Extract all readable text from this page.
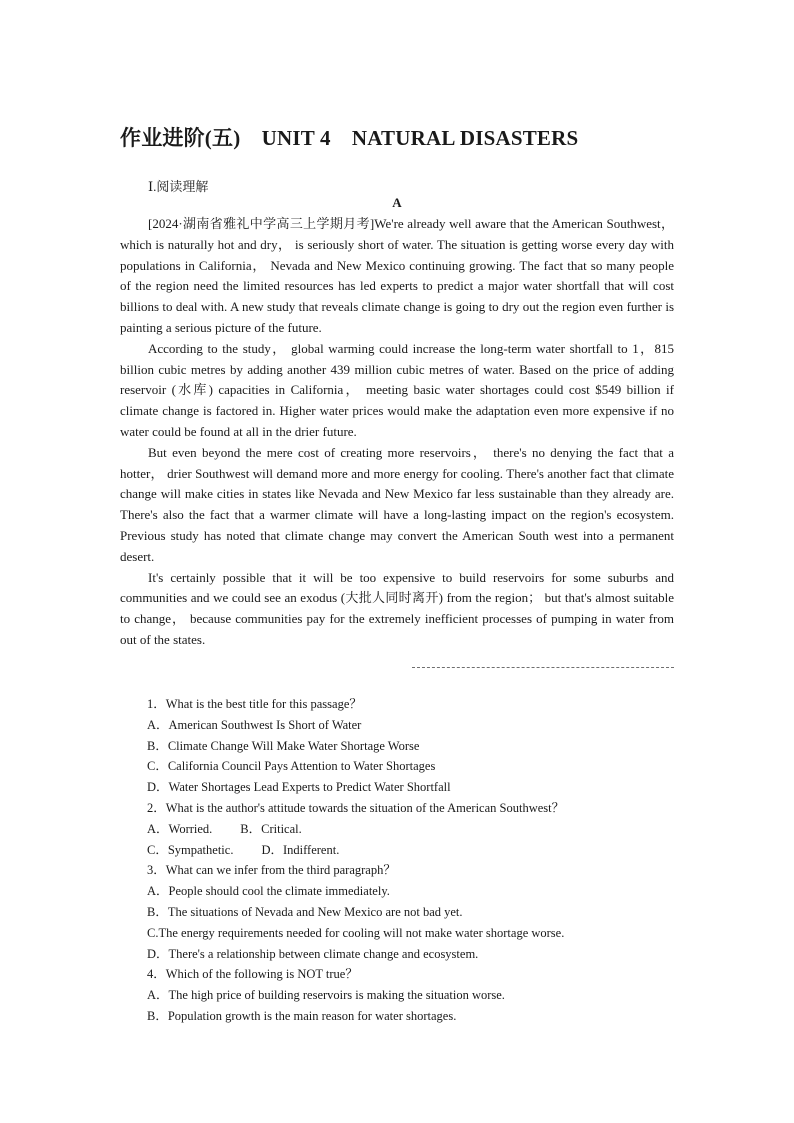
作业进阶(五)　UNIT 4　NATURAL DISASTERS
Ⅰ.阅读理解
A

[2024·湖南省雅礼中学高三上学期月考]We're already well aware that the American Southwest， which is naturally hot and dry， is seriously short of water. The situation is getting worse every day with populations in California， Nevada and New Mexico continuing growing. The fact that so many people of the region need the limited resources has led experts to predict a major water shortfall that will cost billions to deal with. A new study that reveals climate change is going to dry out the region even further is painting a serious picture of the future.

According to the study， global warming could increase the long-term water shortfall to 1，815 billion cubic metres by adding another 439 million cubic metres of water. Based on the price of adding reservoir (水库) capacities in California， meeting basic water shortages could cost $549 billion if climate change is factored in. Higher water prices would make the adaptation even more expensive if no water could be found at all in the drier future.

But even beyond the mere cost of creating more reservoirs， there's no denying the fact that a hotter， drier Southwest will demand more and more energy for cooling. There's another fact that climate change will make cities in states like Nevada and New Mexico far less sustainable than they already are. There's also the fact that a warmer climate will have a long-lasting impact on the region's ecosystem. Previous study has noted that climate change may convert the American South west into a permanent desert.

It's certainly possible that it will be too expensive to build reservoirs for some suburbs and communities and we could see an exodus (大批人同时离开) from the region； but that's almost suitable to change， because communities pay for the extremely inefficient processes of pumping in water from out of the states.

1．What is the best title for this passage？
A．American Southwest Is Short of Water
B．Climate Change Will Make Water Shortage Worse
C．California Council Pays Attention to Water Shortages
D．Water Shortages Lead Experts to Predict Water Shortfall
2．What is the author's attitude towards the situation of the American Southwest？
A．Worried. B．Critical.
C．Sympathetic. D．Indifferent.
3．What can we infer from the third paragraph？
A．People should cool the climate immediately.
B．The situations of Nevada and New Mexico are not bad yet.
C.The energy requirements needed for cooling will not make water shortage worse.
D．There's a relationship between climate change and ecosystem.
4．Which of the following is NOT true？
A．The high price of building reservoirs is making the situation worse.
B．Population growth is the main reason for water shortages.
